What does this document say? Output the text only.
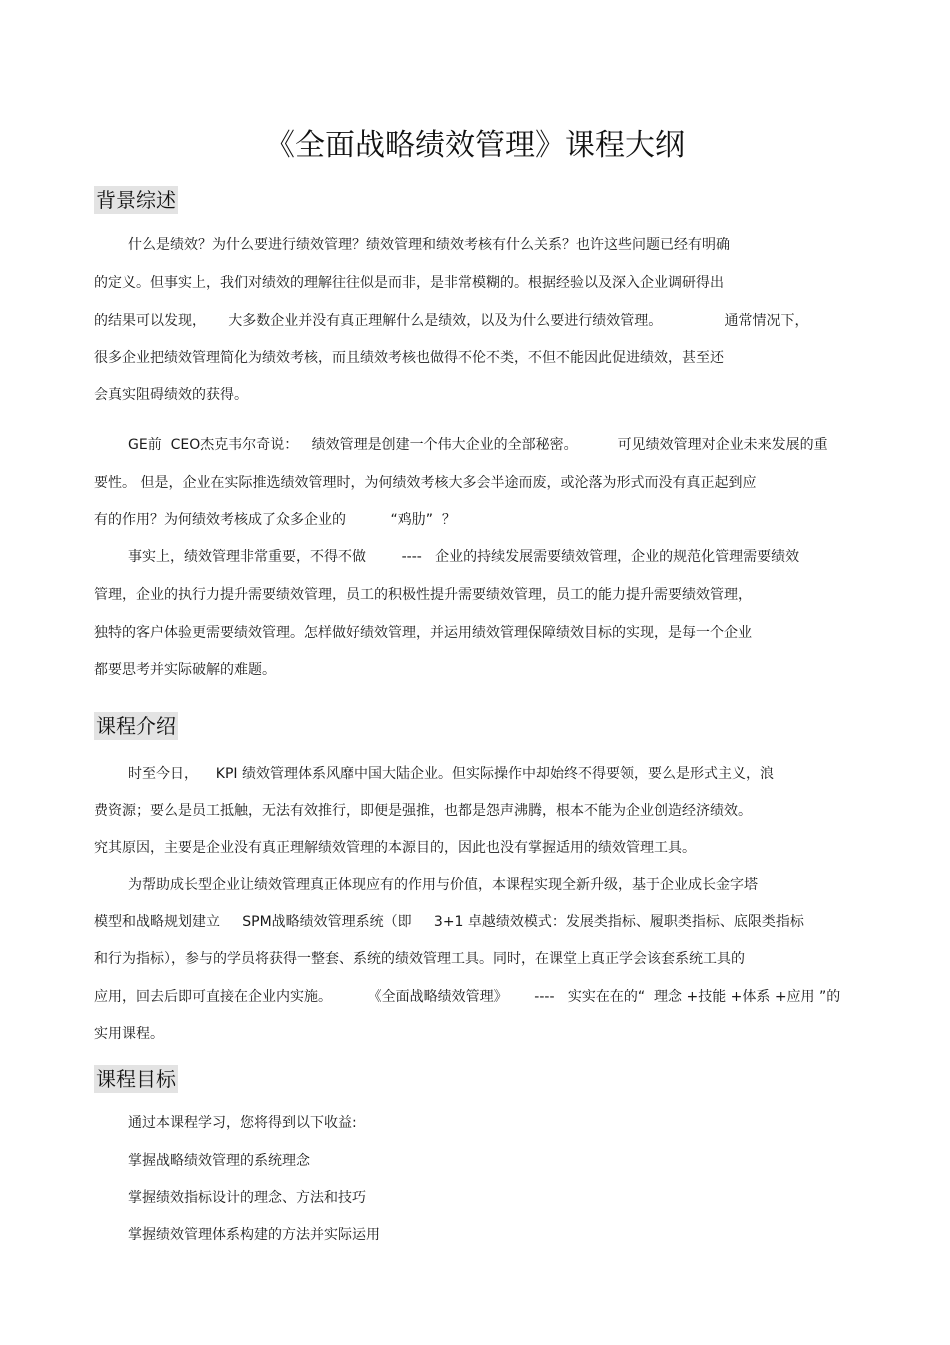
《全面战略绩效管理》课程大纲
背景综述
什么是绩效？为什么要进行绩效管理？绩效管理和绩效考核有什么关系？也许这些问题已经有明确
的定义。但事实上，我们对绩效的理解往往似是而非，是非常模糊的。根据经验以及深入企业调研得出
的结果可以发现，     大多数企业并没有真正理解什么是绩效，以及为什么要进行绩效管理。              通常情况下，
很多企业把绩效管理简化为绩效考核，而且绩效考核也做得不伦不类，不但不能因此促进绩效，甚至还
会真实阻碍绩效的获得。
GE前  CEO杰克韦尔奇说：   绩效管理是创建一个伟大企业的全部秘密。         可见绩效管理对企业未来发展的重
要性。 但是，企业在实际推选绩效管理时，为何绩效考核大多会半途而废，或沦落为形式而没有真正起到应
有的作用？为何绩效考核成了众多企业的          “鸡肋”  ？
事实上，绩效管理非常重要，不得不做        ----   企业的持续发展需要绩效管理，企业的规范化管理需要绩效
管理，企业的执行力提升需要绩效管理，员工的积极性提升需要绩效管理，员工的能力提升需要绩效管理，
独特的客户体验更需要绩效管理。怎样做好绩效管理，并运用绩效管理保障绩效目标的实现，是每一个企业
都要思考并实际破解的难题。
课程介绍
时至今日，    KPI 绩效管理体系风靡中国大陆企业。但实际操作中却始终不得要领，要么是形式主义，浪
费资源；要么是员工抵触，无法有效推行，即便是强推，也都是怨声沸腾，根本不能为企业创造经济绩效。
究其原因，主要是企业没有真正理解绩效管理的本源目的，因此也没有掌握适用的绩效管理工具。
为帮助成长型企业让绩效管理真正体现应有的作用与价值，本课程实现全新升级，基于企业成长金字塔
模型和战略规划建立     SPM战略绩效管理系统（即     3+1 卓越绩效模式：发展类指标、履职类指标、底限类指标
和行为指标），参与的学员将获得一整套、系统的绩效管理工具。同时，在课堂上真正学会该套系统工具的
应用，回去后即可直接在企业内实施。        《全面战略绩效管理》      ----   实实在在的“  理念 +技能 +体系 +应用 ”的
实用课程。
课程目标
通过本课程学习，您将得到以下收益:
掌握战略绩效管理的系统理念
掌握绩效指标设计的理念、方法和技巧
掌握绩效管理体系构建的方法并实际运用
